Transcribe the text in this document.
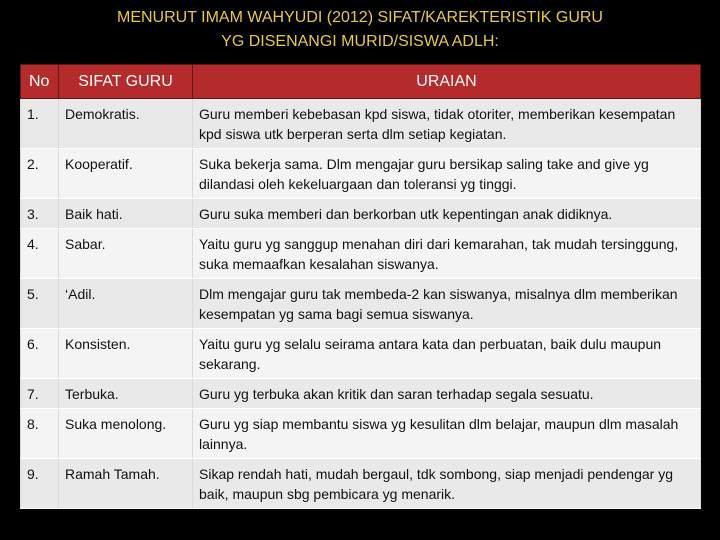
MENURUT IMAM WAHYUDI (2012) SIFAT/KAREKTERISTIK GURU
YG DISENANGI MURID/SISWA ADLH:
No	SIFAT GURU	URAIAN
1.	Demokratis.	Guru memberi kebebasan kpd siswa, tidak otoriter, memberikan kesempatan kpd siswa utk berperan serta dlm setiap kegiatan.
2.	Kooperatif.	Suka bekerja sama. Dlm mengajar guru bersikap saling take and give yg dilandasi oleh kekeluargaan dan toleransi yg tinggi.
3.	Baik hati.	Guru suka memberi dan berkorban utk kepentingan anak didiknya.
4.	Sabar.	Yaitu guru yg sanggup menahan diri dari kemarahan, tak mudah tersinggung, suka memaafkan kesalahan siswanya.
5.	‘Adil.	Dlm mengajar guru tak membeda-2 kan siswanya, misalnya dlm memberikan kesempatan yg sama bagi semua siswanya.
6.	Konsisten.	Yaitu guru yg selalu seirama antara kata dan perbuatan, baik dulu maupun sekarang.
7.	Terbuka.	Guru yg terbuka akan kritik dan saran terhadap segala sesuatu.
8.	Suka menolong.	Guru yg siap membantu siswa yg kesulitan dlm belajar, maupun dlm masalah lainnya.
9.	Ramah Tamah.	Sikap rendah hati, mudah bergaul, tdk sombong, siap menjadi pendengar yg baik, maupun sbg pembicara yg menarik.
